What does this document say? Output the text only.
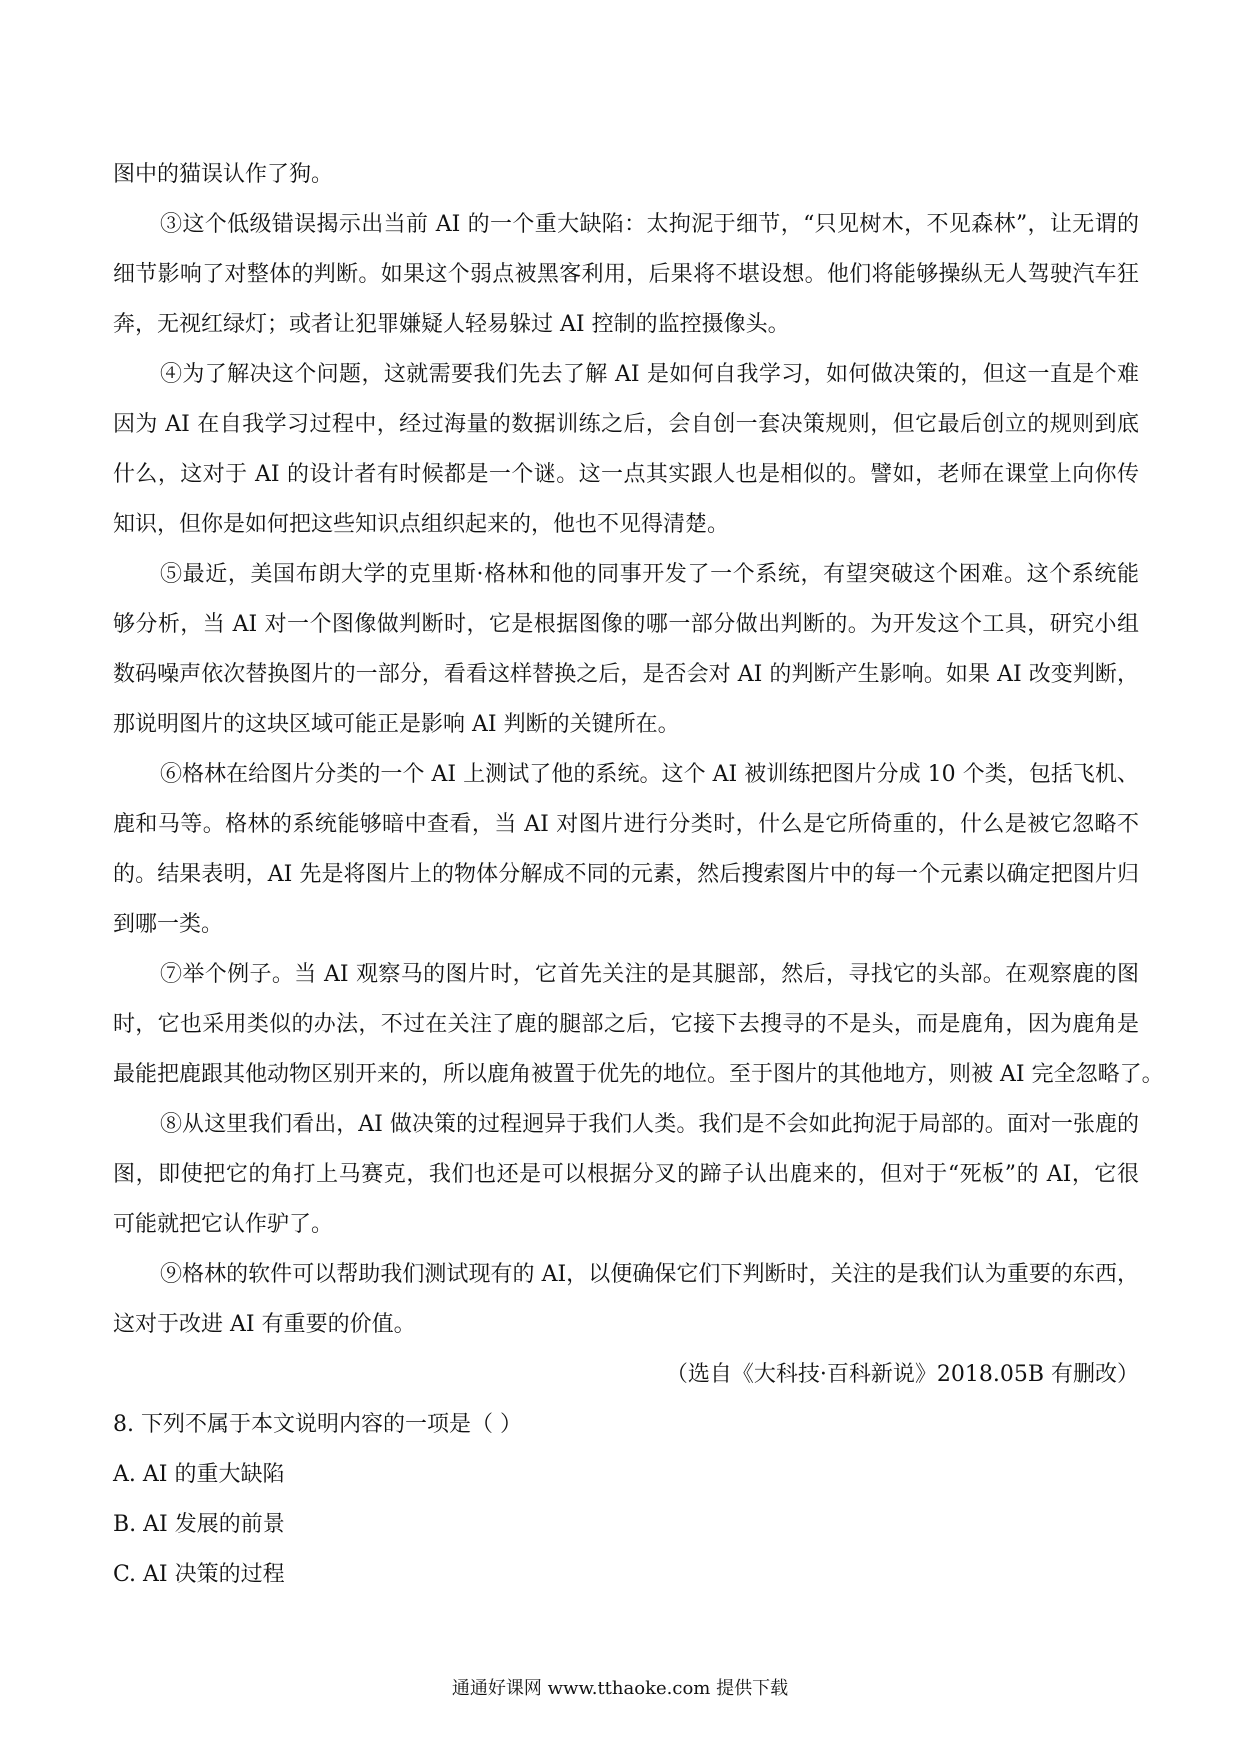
图中的猫误认作了狗。
③这个低级错误揭示出当前 AI 的一个重大缺陷：太拘泥于细节，“只见树木，不见森林”，让无谓的
细节影响了对整体的判断。如果这个弱点被黑客利用，后果将不堪设想。他们将能够操纵无人驾驶汽车狂
奔，无视红绿灯；或者让犯罪嫌疑人轻易躲过 AI 控制的监控摄像头。
④为了解决这个问题，这就需要我们先去了解 AI 是如何自我学习，如何做决策的，但这一直是个难
因为 AI 在自我学习过程中，经过海量的数据训练之后，会自创一套决策规则，但它最后创立的规则到底
什么，这对于 AI 的设计者有时候都是一个谜。这一点其实跟人也是相似的。譬如，老师在课堂上向你传
知识，但你是如何把这些知识点组织起来的，他也不见得清楚。
⑤最近，美国布朗大学的克里斯·格林和他的同事开发了一个系统，有望突破这个困难。这个系统能
够分析，当 AI 对一个图像做判断时，它是根据图像的哪一部分做出判断的。为开发这个工具，研究小组
数码噪声依次替换图片的一部分，看看这样替换之后，是否会对 AI 的判断产生影响。如果 AI 改变判断，
那说明图片的这块区域可能正是影响 AI 判断的关键所在。
⑥格林在给图片分类的一个 AI 上测试了他的系统。这个 AI 被训练把图片分成 10 个类，包括飞机、
鹿和马等。格林的系统能够暗中查看，当 AI 对图片进行分类时，什么是它所倚重的，什么是被它忽略不
的。结果表明，AI 先是将图片上的物体分解成不同的元素，然后搜索图片中的每一个元素以确定把图片归
到哪一类。
⑦举个例子。当 AI 观察马的图片时，它首先关注的是其腿部，然后，寻找它的头部。在观察鹿的图
时，它也采用类似的办法，不过在关注了鹿的腿部之后，它接下去搜寻的不是头，而是鹿角，因为鹿角是
最能把鹿跟其他动物区别开来的，所以鹿角被置于优先的地位。至于图片的其他地方，则被 AI 完全忽略了。
⑧从这里我们看出，AI 做决策的过程迥异于我们人类。我们是不会如此拘泥于局部的。面对一张鹿的
图，即使把它的角打上马赛克，我们也还是可以根据分叉的蹄子认出鹿来的，但对于“死板”的 AI，它很
可能就把它认作驴了。
⑨格林的软件可以帮助我们测试现有的 AI，以便确保它们下判断时，关注的是我们认为重要的东西，
这对于改进 AI 有重要的价值。
（选自《大科技·百科新说》2018.05B 有删改）
8. 下列不属于本文说明内容的一项是（ ）
A. AI 的重大缺陷
B. AI 发展的前景
C. AI 决策的过程
通通好课网 www.tthaoke.com 提供下载
